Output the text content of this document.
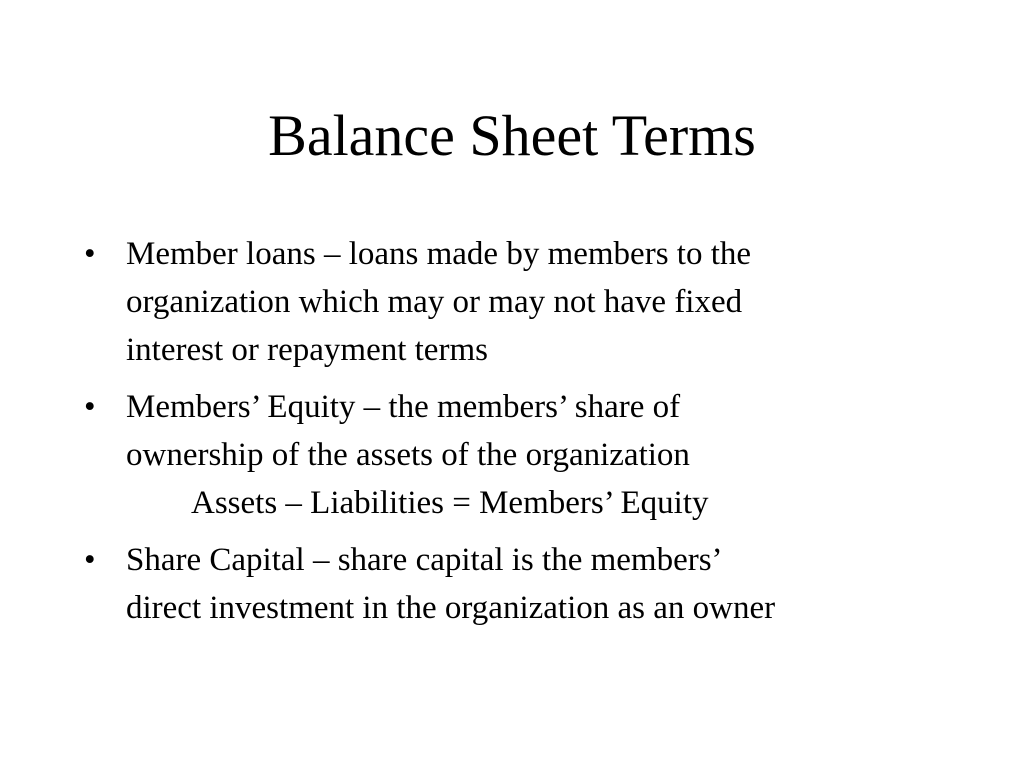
Balance Sheet Terms
• Member loans – loans made by members to the
organization which may or may not have fixed
interest or repayment terms
• Members’ Equity – the members’ share of
ownership of the assets of the organization
Assets – Liabilities = Members’ Equity
• Share Capital – share capital is the members’
direct investment in the organization as an owner
